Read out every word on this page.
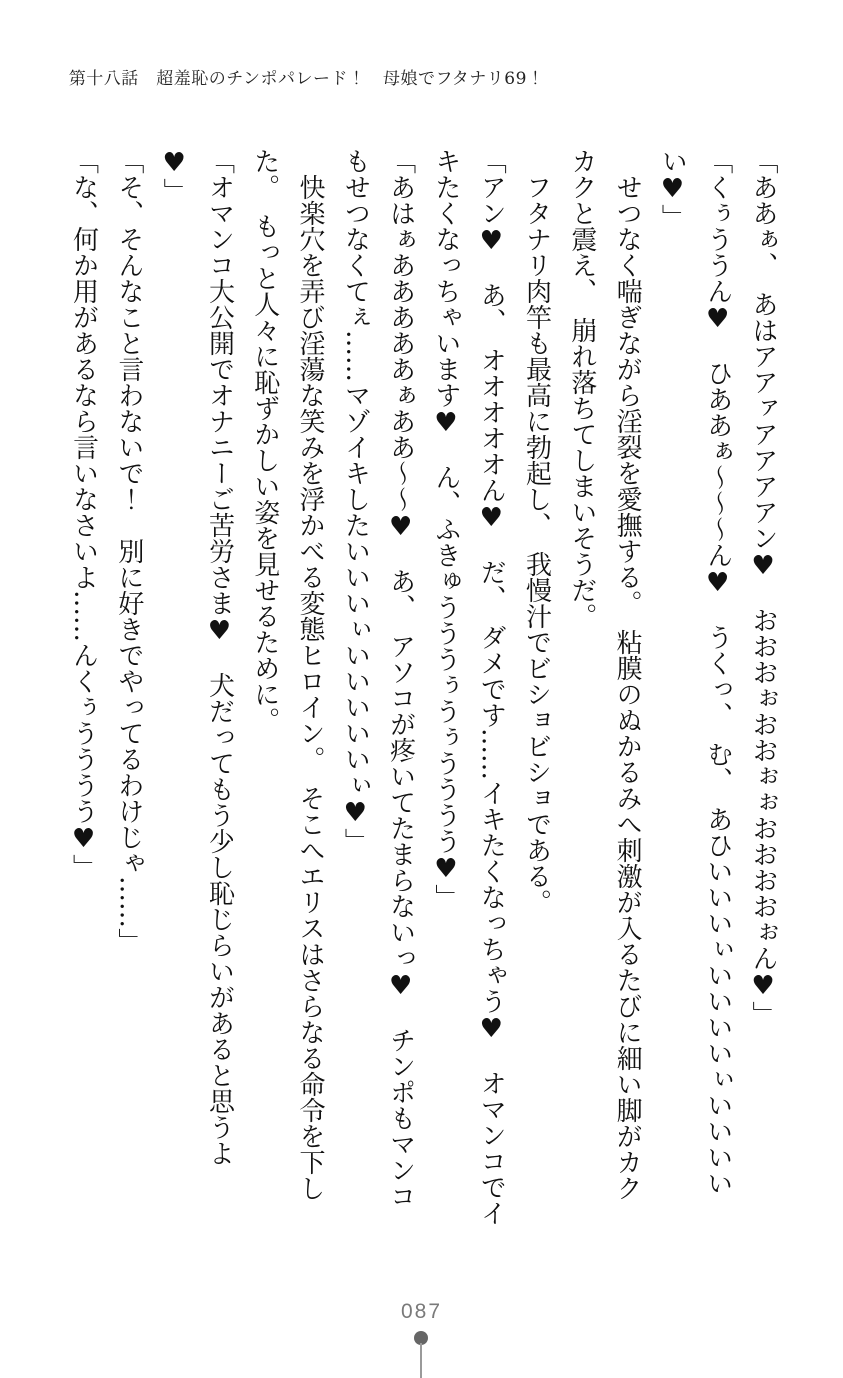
第十八話　超羞恥のチンポパレード！　母娘でフタナリ69！

「ああぁ、　あはアアァアアアアン♥　おおおぉおおぉぉおおおおぉん♥」
「くぅううん♥　ひああぁ～～～ん♥　うくっ、　む、　あひいいいぃいいいいぃいいいい
い♥」
せつなく喘ぎながら淫裂を愛撫する。　粘膜のぬかるみへ刺激が入るたびに細い脚がカク
カクと震え、　崩れ落ちてしまいそうだ。
フタナリ肉竿も最高に勃起し、　我慢汁でビショビショである。
「アン♥　あ、　オオオオオん♥　だ、　ダメです……イキたくなっちゃう♥　オマンコでイ
キたくなっちゃいます♥　ん、ふきゅうううぅうぅうううう♥」
「あはぁあああああぁああ～～♥　あ、　アソコが疼いてたまらないっ♥　チンポもマンコ
もせつなくてぇ……マゾイキしたいいいぃいいいいいぃ♥」
快楽穴を弄び淫蕩な笑みを浮かべる変態ヒロイン。　そこへエリスはさらなる命令を下し
た。　もっと人々に恥ずかしい姿を見せるために。
「オマンコ大公開でオナニーご苦労さま♥　犬だってもう少し恥じらいがあると思うよ
♥」
「そ、そんなこと言わないで！　別に好きでやってるわけじゃ……」
「な、何か用があるなら言いなさいよ……んくぅうううう♥」
087
